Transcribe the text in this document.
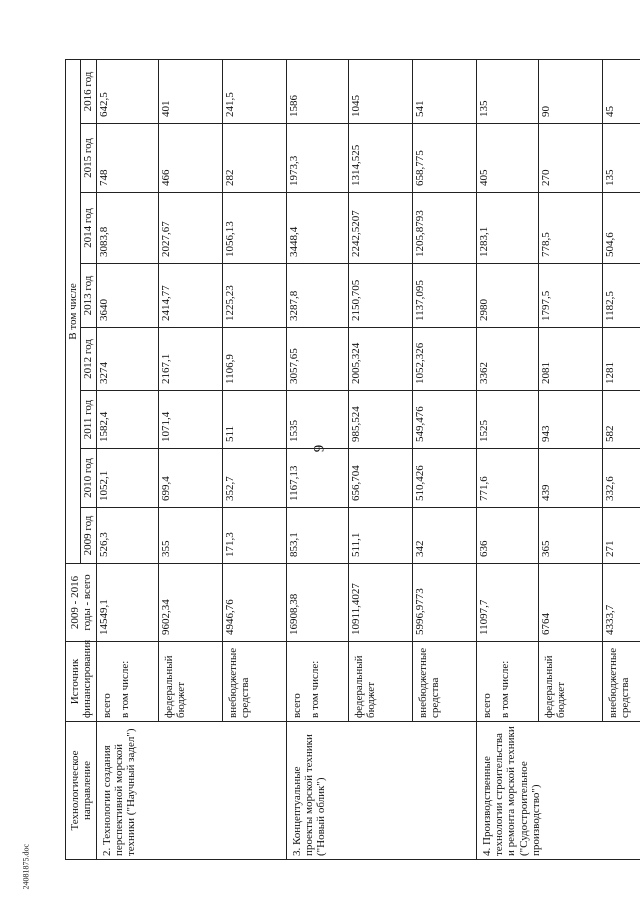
9
24081875.doc
Технологическое направление	Источник финансирования	2009 - 2016 годы - всего	В том числе							
			2009 год	2010 год	2011 год	2012 год	2013 год	2014 год	2015 год	2016 год
2. Технологии создания перспективной морской техники ("Научный задел")	всего в том числе:	14549,1	526,3	1052,1	1582,4	3274	3640	3083,8	748	642,5

	федеральный бюджет	9602,34	355	699,4	1071,4	2167,1	2414,77	2027,67	466	401

	внебюджетные средства	4946,76	171,3	352,7	511	1106,9	1225,23	1056,13	282	241,5
3. Концептуальные проекты морской техники ("Новый облик")	всего в том числе:	16908,38	853,1	1167,13	1535	3057,65	3287,8	3448,4	1973,3	1586

	федеральный бюджет	10911,4027	511,1	656,704	985,524	2005,324	2150,705	2242,5207	1314,525	1045

	внебюджетные средства	5996,9773	342	510,426	549,476	1052,326	1137,095	1205,8793	658,775	541
4. Производственные технологии строительства и ремонта морской техники ("Судостроительное производство")	всего в том числе:	11097,7	636	771,6	1525	3362	2980	1283,1	405	135

	федеральный бюджет	6764	365	439	943	2081	1797,5	778,5	270	90

	внебюджетные средства	4333,7	271	332,6	582	1281	1182,5	504,6	135	45
